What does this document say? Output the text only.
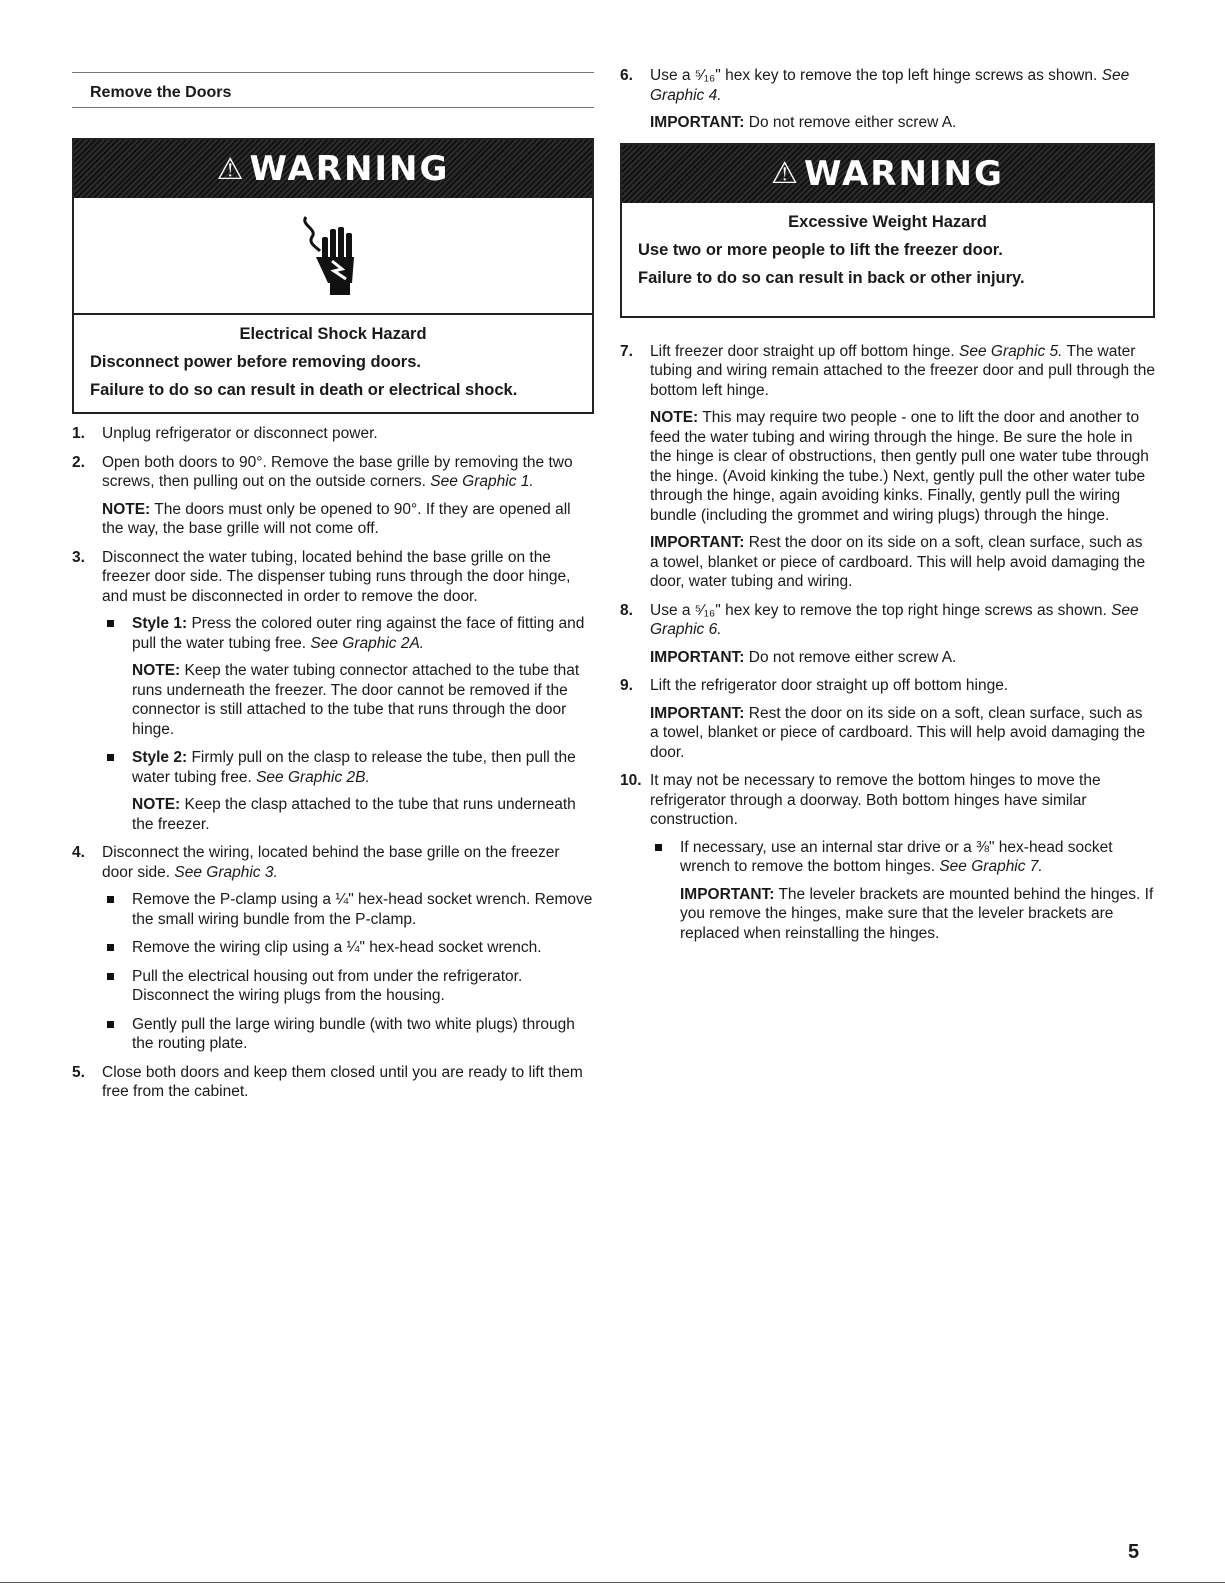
Remove the Doors
⚠ WARNING
Electrical Shock Hazard

Disconnect power before removing doors.

Failure to do so can result in death or electrical shock.

1. Unplug refrigerator or disconnect power.
2. Open both doors to 90°. Remove the base grille by removing the two screws, then pulling out on the outside corners. See Graphic 1.
NOTE: The doors must only be opened to 90°. If they are opened all the way, the base grille will not come off.
3. Disconnect the water tubing, located behind the base grille on the freezer door side. The dispenser tubing runs through the door hinge, and must be disconnected in order to remove the door.
Style 1: Press the colored outer ring against the face of fitting and pull the water tubing free. See Graphic 2A.
NOTE: Keep the water tubing connector attached to the tube that runs underneath the freezer. The door cannot be removed if the connector is still attached to the tube that runs through the door hinge.
Style 2: Firmly pull on the clasp to release the tube, then pull the water tubing free. See Graphic 2B.
NOTE: Keep the clasp attached to the tube that runs underneath the freezer.
4. Disconnect the wiring, located behind the base grille on the freezer door side. See Graphic 3.
Remove the P-clamp using a ¼" hex-head socket wrench. Remove the small wiring bundle from the P-clamp.
Remove the wiring clip using a ¼" hex-head socket wrench.
Pull the electrical housing out from under the refrigerator. Disconnect the wiring plugs from the housing.
Gently pull the large wiring bundle (with two white plugs) through the routing plate.
5. Close both doors and keep them closed until you are ready to lift them free from the cabinet.
6. Use a ⁵⁄₁₆" hex key to remove the top left hinge screws as shown. See Graphic 4.
IMPORTANT: Do not remove either screw A.
⚠ WARNING
Excessive Weight Hazard

Use two or more people to lift the freezer door.

Failure to do so can result in back or other injury.

7. Lift freezer door straight up off bottom hinge. See Graphic 5. The water tubing and wiring remain attached to the freezer door and pull through the bottom left hinge.
NOTE: This may require two people - one to lift the door and another to feed the water tubing and wiring through the hinge. Be sure the hole in the hinge is clear of obstructions, then gently pull one water tube through the hinge. (Avoid kinking the tube.) Next, gently pull the other water tube through the hinge, again avoiding kinks. Finally, gently pull the wiring bundle (including the grommet and wiring plugs) through the hinge.
IMPORTANT: Rest the door on its side on a soft, clean surface, such as a towel, blanket or piece of cardboard. This will help avoid damaging the door, water tubing and wiring.
8. Use a ⁵⁄₁₆" hex key to remove the top right hinge screws as shown. See Graphic 6.
IMPORTANT: Do not remove either screw A.
9. Lift the refrigerator door straight up off bottom hinge.
IMPORTANT: Rest the door on its side on a soft, clean surface, such as a towel, blanket or piece of cardboard. This will help avoid damaging the door.
10. It may not be necessary to remove the bottom hinges to move the refrigerator through a doorway. Both bottom hinges have similar construction.
If necessary, use an internal star drive or a ⅜" hex-head socket wrench to remove the bottom hinges. See Graphic 7.
IMPORTANT: The leveler brackets are mounted behind the hinges. If you remove the hinges, make sure that the leveler brackets are replaced when reinstalling the hinges.
5
